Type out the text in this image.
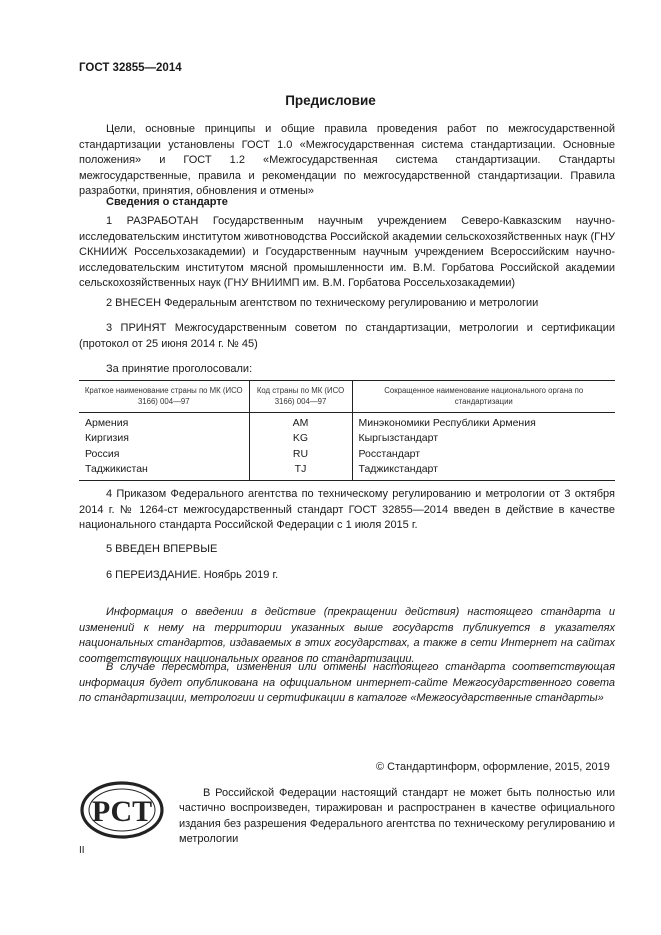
ГОСТ 32855—2014
Предисловие
Цели, основные принципы и общие правила проведения работ по межгосударственной стандартизации установлены ГОСТ 1.0 «Межгосударственная система стандартизации. Основные положения» и ГОСТ 1.2 «Межгосударственная система стандартизации. Стандарты межгосударственные, правила и рекомендации по межгосударственной стандартизации. Правила разработки, принятия, обновления и отмены»
Сведения о стандарте
1 РАЗРАБОТАН Государственным научным учреждением Северо-Кавказским научно-исследовательским институтом животноводства Российской академии сельскохозяйственных наук (ГНУ СКНИИЖ Россельхозакадемии) и Государственным научным учреждением Всероссийским научно-исследовательским институтом мясной промышленности им. В.М. Горбатова Российской академии сельскохозяйственных наук (ГНУ ВНИИМП им. В.М. Горбатова Россельхозакадемии)
2 ВНЕСЕН Федеральным агентством по техническому регулированию и метрологии
3 ПРИНЯТ Межгосударственным советом по стандартизации, метрологии и сертификации (протокол от 25 июня 2014 г. № 45)
За принятие проголосовали:
Краткое наименование страны по МК (ИСО 3166) 004—97	Код страны по МК (ИСО 3166) 004—97	Сокращенное наименование национального органа по стандартизации
Армения	AM	Минэкономики Республики Армения
Киргизия	KG	Кыргызстандарт
Россия	RU	Росстандарт
Таджикистан	TJ	Таджикстандарт
4 Приказом Федерального агентства по техническому регулированию и метрологии от 3 октября 2014 г. № 1264-ст межгосударственный стандарт ГОСТ 32855—2014 введен в действие в качестве национального стандарта Российской Федерации с 1 июля 2015 г.
5 ВВЕДЕН ВПЕРВЫЕ
6 ПЕРЕИЗДАНИЕ. Ноябрь 2019 г.
Информация о введении в действие (прекращении действия) настоящего стандарта и изменений к нему на территории указанных выше государств публикуется в указателях национальных стандартов, издаваемых в этих государствах, а также в сети Интернет на сайтах соответствующих национальных органов по стандартизации.
В случае пересмотра, изменения или отмены настоящего стандарта соответствующая информация будет опубликована на официальном интернет-сайте Межгосударственного совета по стандартизации, метрологии и сертификации в каталоге «Межгосударственные стандарты»
© Стандартинформ, оформление, 2015, 2019
РСТ
В Российской Федерации настоящий стандарт не может быть полностью или частично воспроизведен, тиражирован и распространен в качестве официального издания без разрешения Федерального агентства по техническому регулированию и метрологии
II
